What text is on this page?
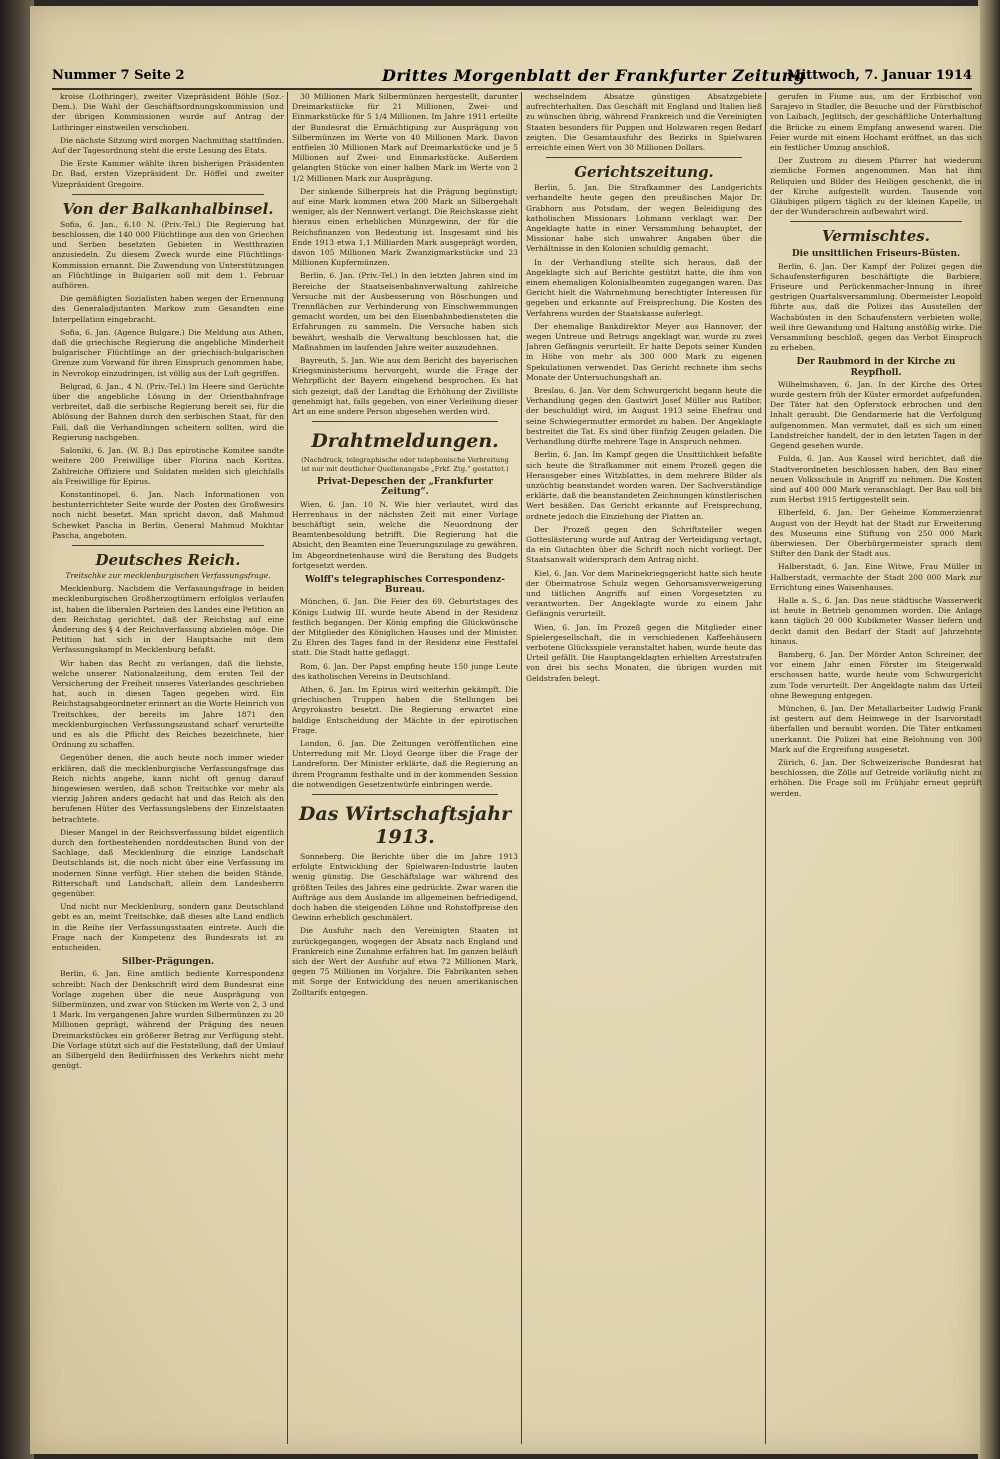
Nummer 7 Seite 2	Drittes Morgenblatt der Frankfurter Zeitung
Mittwoch, 7. Januar 1914

kroise (Lothringer), zweiter Vizepräsident Böhle (Soz.-Dem.). Die Wahl der Geschäftsordnungskommission und der übrigen Kommissionen wurde auf Antrag der Lothringer einstweilen verschoben.

Die nächste Sitzung wird morgen Nachmittag stattfinden. Auf der Tagesordnung steht die erste Lesung des Etats.

Die Erste Kammer wählte ihren bisherigen Präsidenten Dr. Bad, ersten Vizepräsident Dr. Höffel und zweiter Vizepräsident Gregoire.

Von der Balkanhalbinsel.

Sofia, 6. Jan., 6.10 N. (Priv.-Tel.) Die Regierung hat beschlossen, die 140 000 Flüchtlinge aus den von Griechen und Serben besetzten Gebieten in Westthrazien anzusiedeln. Zu diesem Zweck wurde eine Flüchtlings-Kommission ernannt. Die Zuwendung von Unterstützungen an Flüchtlinge in Bulgarien soll mit dem 1. Februar aufhören.

Die gemäßigten Sozialisten haben wegen der Ernennung des Generaladjutanten Markow zum Gesandten eine Interpellation eingebracht.

Sofia, 6. Jan. (Agence Bulgare.) Die Meldung aus Athen, daß die griechische Regierung die angebliche Minderheit bulgarischer Flüchtlinge an der griechisch-bulgarischen Grenze zum Vorwand für ihren Einspruch genommen habe, in Nevrokop einzudringen, ist völlig aus der Luft gegriffen.

Belgrad, 6. Jan., 4 N. (Priv.-Tel.) Im Heere sind Gerüchte über die angebliche Lösung in der Orientbahnfrage verbreitet, daß die serbische Regierung bereit sei, für die Ablösung der Bahnen durch den serbischen Staat, für den Fall, daß die Verhandlungen scheitern sollten, wird die Regierung nachgeben.

Saloniki, 6. Jan. (W. B.) Das epirotische Komitee sandte weitere 200 Freiwillige über Florina nach Koritza. Zahlreiche Offiziere und Soldaten melden sich gleichfalls als Freiwillige für Epirus.

Konstantinopel, 6. Jan. Nach Informationen von bestunterrichteter Seite wurde der Posten des Großwesirs noch nicht besetzt. Man spricht davon, daß Mahmud Schewket Pascha in Berlin, General Mahmud Mukhtar Pascha, angeboten.

Deutsches Reich.
Treitschke zur mecklenburgischen Verfassungsfrage.

Mecklenburg. Nachdem die Verfassungsfrage in beiden mecklenburgischen Großherzogtümern erfolglos verlaufen ist, haben die liberalen Parteien des Landes eine Petition an den Reichstag gerichtet, daß der Reichstag auf eine Änderung des § 4 der Reichsverfassung abzielen möge. Die Petition hat sich in der Hauptsache mit dem Verfassungskampf in Mecklenburg befaßt.

Wir haben das Recht zu verlangen, daß die liebste, welche unserer Nationalzeitung, dem ersten Teil der Versicherung der Freiheit unseres Vaterlandes geschrieben hat, auch in diesen Tagen gegeben wird. Ein Reichstagsabgeordneter erinnert an die Worte Heinrich von Treitschkes, der bereits im Jahre 1871 den mecklenburgischen Verfassungszustand scharf verurteilte und es als die Pflicht des Reiches bezeichnete, hier Ordnung zu schaffen.

Gegenüber denen, die auch heute noch immer wieder erklären, daß die mecklenburgische Verfassungsfrage das Reich nichts angehe, kann nicht oft genug darauf hingewiesen werden, daß schon Treitschke vor mehr als vierzig Jahren anders gedacht hat und das Reich als den berufenen Hüter des Verfassungslebens der Einzelstaaten betrachtete.

Dieser Mangel in der Reichsverfassung bildet eigentlich durch den fortbestehenden norddeutschen Bund von der Sachlage, daß Mecklenburg die einzige Landschaft Deutschlands ist, die noch nicht über eine Verfassung im modernen Sinne verfügt. Hier stehen die beiden Stände, Ritterschaft und Landschaft, allein dem Landesherrn gegenüber.

Und nicht nur Mecklenburg, sondern ganz Deutschland gebt es an, meint Treitschke, daß dieses alte Land endlich in die Reihe der Verfassungsstaaten eintrete. Auch die Frage nach der Kompetenz des Bundesrats ist zu entscheiden.

Silber-Prägungen.

Berlin, 6. Jan. Eine amtlich bediente Korrespondenz schreibt: Nach der Denkschrift wird dem Bundesrat eine Vorlage zugehen über die neue Ausprägung von Silbermünzen, und zwar von Stücken im Werte von 2, 3 und 1 Mark. Im vergangenen Jahre wurden Silbermünzen zu 20 Millionen geprägt, während der Prägung des neuen Dreimarkstückes ein größerer Betrag zur Verfügung steht. Die Vorlage stützt sich auf die Feststellung, daß der Umlauf an Silbergeld den Bedürfnissen des Verkehrs nicht mehr genügt.

30 Millionen Mark Silbermünzen hergestellt, darunter Dreimarkstücke für 21 Millionen, Zwei- und Einmarkstücke für 5 1/4 Millionen. Im Jahre 1911 erteilte der Bundesrat die Ermächtigung zur Ausprägung von Silbermünzen im Werte von 40 Millionen Mark. Davon entfielen 30 Millionen Mark auf Dreimarkstücke und je 5 Millionen auf Zwei- und Einmarkstücke. Außerdem gelangten Stücke von einer halben Mark im Werte von 2 1/2 Millionen Mark zur Ausprägung.

Der sinkende Silberpreis hat die Prägung begünstigt; auf eine Mark kommen etwa 200 Mark an Silbergehalt weniger, als der Nennwert verlangt. Die Reichskasse zieht hieraus einen erheblichen Münzgewinn, der für die Reichsfinanzen von Bedeutung ist. Insgesamt sind bis Ende 1913 etwa 1,1 Milliarden Mark ausgeprägt worden, davon 105 Millionen Mark Zwanzigmarkstücke und 23 Millionen Kupfermünzen.

Berlin, 6. Jan. (Priv.-Tel.) In den letzten Jahren sind im Bereiche der Staatseisenbahnverwaltung zahlreiche Versuche mit der Ausbesserung von Böschungen und Trennflächen zur Verhinderung von Einschwemmungen gemacht worden, um bei den Eisenbahnbediensteten die Erfahrungen zu sammeln. Die Versuche haben sich bewährt, weshalb die Verwaltung beschlossen hat, die Maßnahmen im laufenden Jahre weiter auszudehnen.

Bayreuth, 5. Jan. Wie aus dem Bericht des bayerischen Kriegsministeriums hervorgeht, wurde die Frage der Wehrpflicht der Bayern eingehend besprochen. Es hat sich gezeigt, daß der Landtag die Erhöhung der Zivilliste genehmigt hat, falls gegeben, von einer Verleihung dieser Art an eine andere Person abgesehen werden wird.

Drahtmeldungen.
(Nachdruck, telegraphische oder telephonische Verbreitung ist nur mit deutlicher Quellenangabe „Frkf. Ztg.“ gestattet.)
Privat-Depeschen der „Frankfurter Zeitung“.

Wien, 6. Jan. 10 N. Wie hier verlautet, wird das Herrenhaus in der nächsten Zeit mit einer Vorlage beschäftigt sein, welche die Neuordnung der Beamtenbesoldung betrifft. Die Regierung hat die Absicht, den Beamten eine Teuerungszulage zu gewähren. Im Abgeordnetenhause wird die Beratung des Budgets fortgesetzt werden.

Wolff's telegraphisches Correspondenz-Bureau.

München, 6. Jan. Die Feier des 69. Geburtstages des Königs Ludwig III. wurde heute Abend in der Residenz festlich begangen. Der König empfing die Glückwünsche der Mitglieder des Königlichen Hauses und der Minister. Zu Ehren des Tages fand in der Residenz eine Festtafel statt. Die Stadt hatte geflaggt.

Rom, 6. Jan. Der Papst empfing heute 150 junge Leute des katholischen Vereins in Deutschland.

Athen, 6. Jan. Im Epirus wird weiterhin gekämpft. Die griechischen Truppen haben die Stellungen bei Argyrokastro besetzt. Die Regierung erwartet eine baldige Entscheidung der Mächte in der epirotischen Frage.

London, 6. Jan. Die Zeitungen veröffentlichen eine Unterredung mit Mr. Lloyd George über die Frage der Landreform. Der Minister erklärte, daß die Regierung an ihrem Programm festhalte und in der kommenden Session die notwendigen Gesetzentwürfe einbringen werde.

Das Wirtschaftsjahr 1913.

Sonneberg. Die Berichte über die im Jahre 1913 erfolgte Entwicklung der Spielwaren-Industrie lauten wenig günstig. Die Geschäftslage war während des größten Teiles des Jahres eine gedrückte. Zwar waren die Aufträge aus dem Auslande im allgemeinen befriedigend, doch haben die steigenden Löhne und Rohstoffpreise den Gewinn erheblich geschmälert.

Die Ausfuhr nach den Vereinigten Staaten ist zurückgegangen, wogegen der Absatz nach England und Frankreich eine Zunahme erfahren hat. Im ganzen beläuft sich der Wert der Ausfuhr auf etwa 72 Millionen Mark, gegen 75 Millionen im Vorjahre. Die Fabrikanten sehen mit Sorge der Entwicklung des neuen amerikanischen Zolltarifs entgegen.

wechselndem Absatze günstigen Absatzgebiete aufrechterhalten. Das Geschäft mit England und Italien ließ zu wünschen übrig, während Frankreich und die Vereinigten Staaten besonders für Puppen und Holzwaren regen Bedarf zeigten. Die Gesamtausfuhr des Bezirks in Spielwaren erreichte einen Wert von 30 Millionen Dollars.

Gerichtszeitung.

Berlin, 5. Jan. Die Strafkammer des Landgerichts verhandelte heute gegen den preußischen Major Dr. Grabhorn aus Potsdam, der wegen Beleidigung des katholischen Missionars Lohmann verklagt war. Der Angeklagte hatte in einer Versammlung behauptet, der Missionar habe sich unwahrer Angaben über die Verhältnisse in den Kolonien schuldig gemacht.

In der Verhandlung stellte sich heraus, daß der Angeklagte sich auf Berichte gestützt hatte, die ihm von einem ehemaligen Kolonialbeamten zugegangen waren. Das Gericht hielt die Wahrnehmung berechtigter Interessen für gegeben und erkannte auf Freisprechung. Die Kosten des Verfahrens wurden der Staatskasse auferlegt.

Der ehemalige Bankdirektor Meyer aus Hannover, der wegen Untreue und Betrugs angeklagt war, wurde zu zwei Jahren Gefängnis verurteilt. Er hatte Depots seiner Kunden in Höhe von mehr als 300 000 Mark zu eigenen Spekulationen verwendet. Das Gericht rechnete ihm sechs Monate der Untersuchungshaft an.

Breslau, 6. Jan. Vor dem Schwurgericht begann heute die Verhandlung gegen den Gastwirt Josef Müller aus Ratibor, der beschuldigt wird, im August 1913 seine Ehefrau und seine Schwiegermutter ermordet zu haben. Der Angeklagte bestreitet die Tat. Es sind über fünfzig Zeugen geladen. Die Verhandlung dürfte mehrere Tage in Anspruch nehmen.

Berlin, 6. Jan. Im Kampf gegen die Unsittlichkeit befaßte sich heute die Strafkammer mit einem Prozeß gegen die Herausgeber eines Witzblattes, in dem mehrere Bilder als unzüchtig beanstandet worden waren. Der Sachverständige erklärte, daß die beanstandeten Zeichnungen künstlerischen Wert besäßen. Das Gericht erkannte auf Freisprechung, ordnete jedoch die Einziehung der Platten an.

Der Prozeß gegen den Schriftsteller wegen Gotteslästerung wurde auf Antrag der Verteidigung vertagt, da ein Gutachten über die Schrift noch nicht vorliegt. Der Staatsanwalt widersprach dem Antrag nicht.

Kiel, 6. Jan. Vor dem Marinekriegsgericht hatte sich heute der Obermatrose Schulz wegen Gehorsamsverweigerung und tätlichen Angriffs auf einen Vorgesetzten zu verantworten. Der Angeklagte wurde zu einem Jahr Gefängnis verurteilt.

Wien, 6. Jan. Im Prozeß gegen die Mitglieder einer Spielergesellschaft, die in verschiedenen Kaffeehäusern verbotene Glücksspiele veranstaltet haben, wurde heute das Urteil gefällt. Die Hauptangeklagten erhielten Arreststrafen von drei bis sechs Monaten, die übrigen wurden mit Geldstrafen belegt.

gerufen in Fiume aus, um der Erzbischof von Sarajevo in Stadler, die Besuche und der Fürstbischof von Laibach, Jeglitsch, der geschäftliche Unterhaltung die Brücke zu einem Empfang anwesend waren. Die Feier wurde mit einem Hochamt eröffnet, an das sich ein festlicher Umzug anschloß.

Der Zustrom zu diesem Pfarrer hat wiederum ziemliche Formen angenommen. Man hat ihm Reliquien und Bilder des Heiligen geschenkt, die in der Kirche aufgestellt wurden. Tausende von Gläubigen pilgern täglich zu der kleinen Kapelle, in der der Wunderschrein aufbewahrt wird.

Vermischtes.
Die unsittlichen Friseurs-Büsten.

Berlin, 6. Jan. Der Kampf der Polizei gegen die Schaufensterfiguren beschäftigte die Barbiere, Friseure und Perückenmacher-Innung in ihrer gestrigen Quartalsversammlung. Obermeister Leopold führte aus, daß die Polizei das Ausstellen der Wachsbüsten in den Schaufenstern verbieten wolle, weil ihre Gewandung und Haltung anstößig wirke. Die Versammlung beschloß, gegen das Verbot Einspruch zu erheben.

Der Raubmord in der Kirche zu Reypfholl.

Wilhelmshaven, 6. Jan. In der Kirche des Ortes wurde gestern früh der Küster ermordet aufgefunden. Der Täter hat den Opferstock erbrochen und den Inhalt geraubt. Die Gendarmerie hat die Verfolgung aufgenommen. Man vermutet, daß es sich um einen Landstreicher handelt, der in den letzten Tagen in der Gegend gesehen wurde.

Fulda, 6. Jan. Aus Kassel wird berichtet, daß die Stadtverordneten beschlossen haben, den Bau einer neuen Volksschule in Angriff zu nehmen. Die Kosten sind auf 400 000 Mark veranschlagt. Der Bau soll bis zum Herbst 1915 fertiggestellt sein.

Elberfeld, 6. Jan. Der Geheime Kommerzienrat August von der Heydt hat der Stadt zur Erweiterung des Museums eine Stiftung von 250 000 Mark überwiesen. Der Oberbürgermeister sprach dem Stifter den Dank der Stadt aus.

Halberstadt, 6. Jan. Eine Witwe, Frau Müller in Halberstadt, vermachte der Stadt 200 000 Mark zur Errichtung eines Waisenhauses.

Halle a. S., 6. Jan. Das neue städtische Wasserwerk ist heute in Betrieb genommen worden. Die Anlage kann täglich 20 000 Kubikmeter Wasser liefern und deckt damit den Bedarf der Stadt auf Jahrzehnte hinaus.

Bamberg, 6. Jan. Der Mörder Anton Schreiner, der vor einem Jahr einen Förster im Steigerwald erschossen hatte, wurde heute vom Schwurgericht zum Tode verurteilt. Der Angeklagte nahm das Urteil ohne Bewegung entgegen.

München, 6. Jan. Der Metallarbeiter Ludwig Frank ist gestern auf dem Heimwege in der Isarvorstadt überfallen und beraubt worden. Die Täter entkamen unerkannt. Die Polizei hat eine Belohnung von 300 Mark auf die Ergreifung ausgesetzt.

Zürich, 6. Jan. Der Schweizerische Bundesrat hat beschlossen, die Zölle auf Getreide vorläufig nicht zu erhöhen. Die Frage soll im Frühjahr erneut geprüft werden.
